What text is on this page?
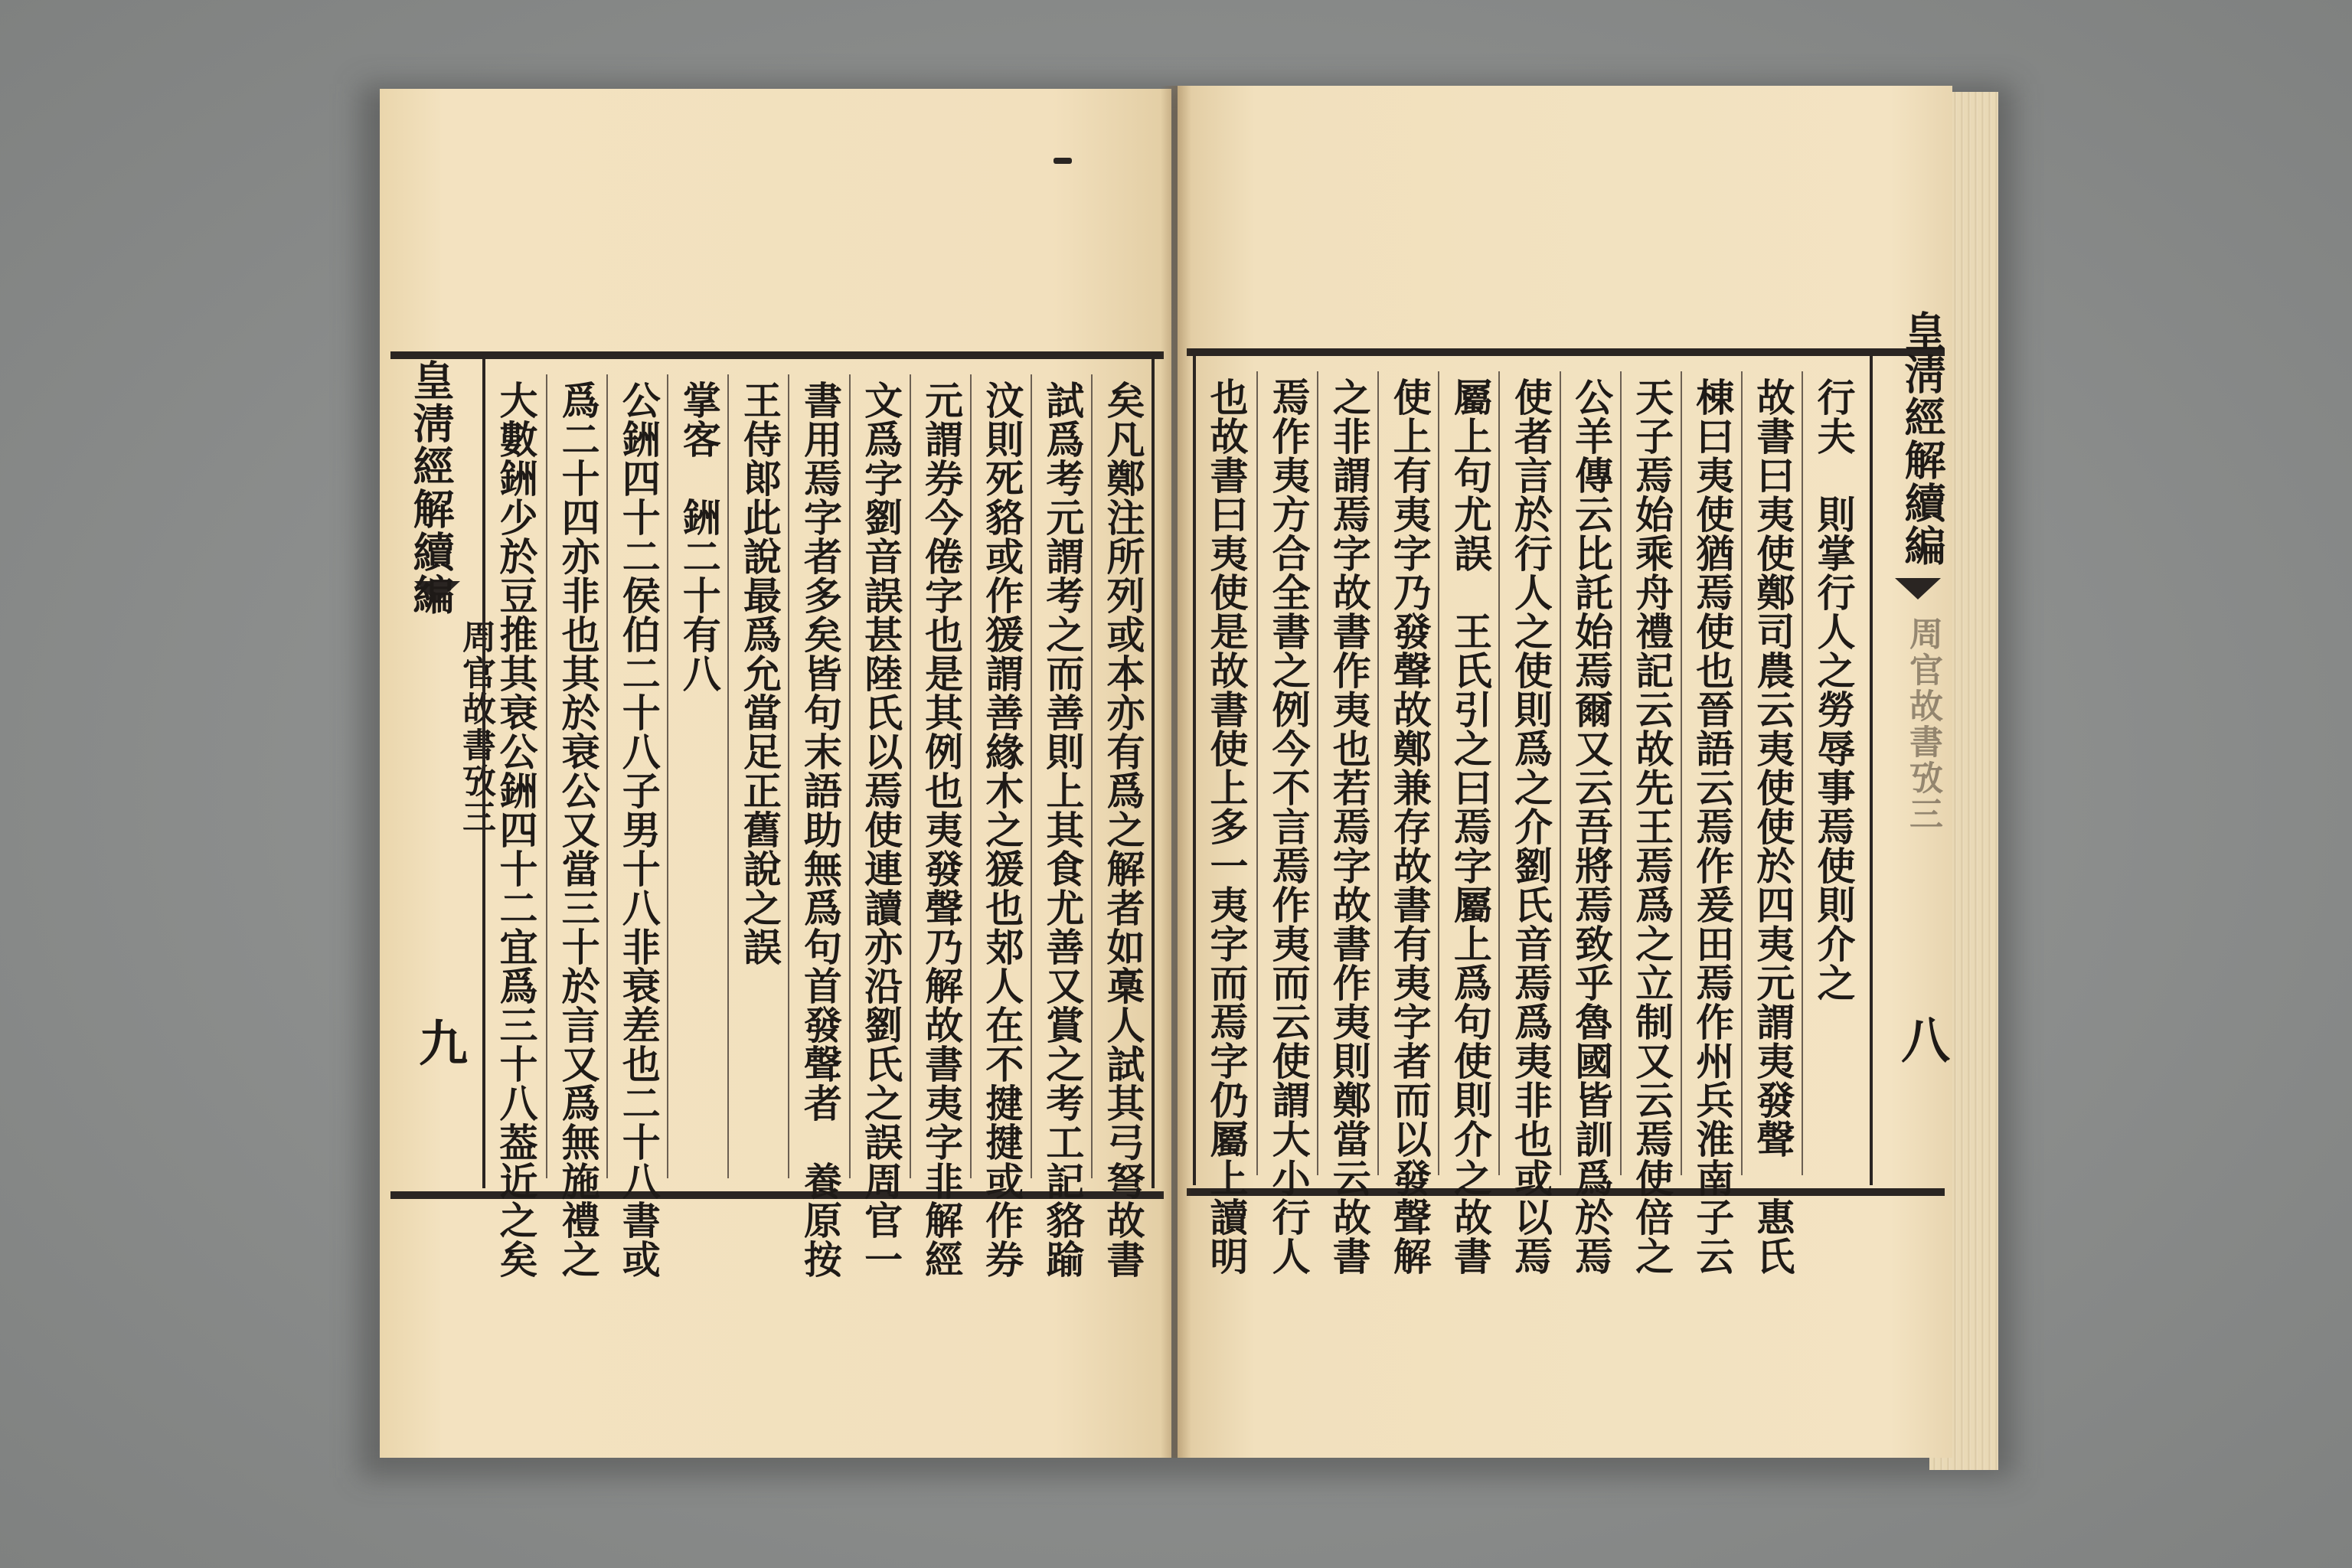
皇淸經解續編
周官故書攷三
九	矣凡鄭注所列或本亦有爲之解者如槀人試其弓弩故書
試爲考元謂考之而善則上其食尤善又賞之考工記貉踰
汶則死貉或作猨謂善緣木之猨也𨙸人在不揵揵或作券
元謂券今倦字也是其例也夷發聲乃解故書夷字非解經
文爲字劉音誤甚陸氏以焉使連讀亦沿劉氏之誤周官一
書用焉字者多矣皆句末語助無爲句首發聲者　養原按
王侍郞此說最爲允當足正舊說之誤
掌客　銂二十有八
公銂四十二侯伯二十八子男十八非衰差也二十八書或
爲二十四亦非也其於衰公又當三十於言又爲無施禮之
大數銂少於豆推其衰公銂四十二宜爲三十八葢近之矣	行夫　則掌行人之勞辱事焉使則介之
故書曰夷使鄭司農云夷使使於四夷元謂夷發聲　惠氏
棟曰夷使猶焉使也晉語云焉作爰田焉作州兵淮南子云
天子焉始乘舟禮記云故先王焉爲之立制又云焉使倍之
公羊傳云比託始焉爾又云吾將焉致乎魯國皆訓爲於焉
使者言於行人之使則爲之介劉氏音焉爲夷非也或以焉
屬上句尤誤　王氏引之曰焉字屬上爲句使則介之故書
使上有夷字乃發聲故鄭兼存故書有夷字者而以發聲解
之非謂焉字故書作夷也若焉字故書作夷則鄭當云故書
焉作夷方合全書之例今不言焉作夷而云使謂大小行人
也故書曰夷使是故書使上多一夷字而焉字仍屬上讀明	皇淸經解續編
周官故書攷三
八
